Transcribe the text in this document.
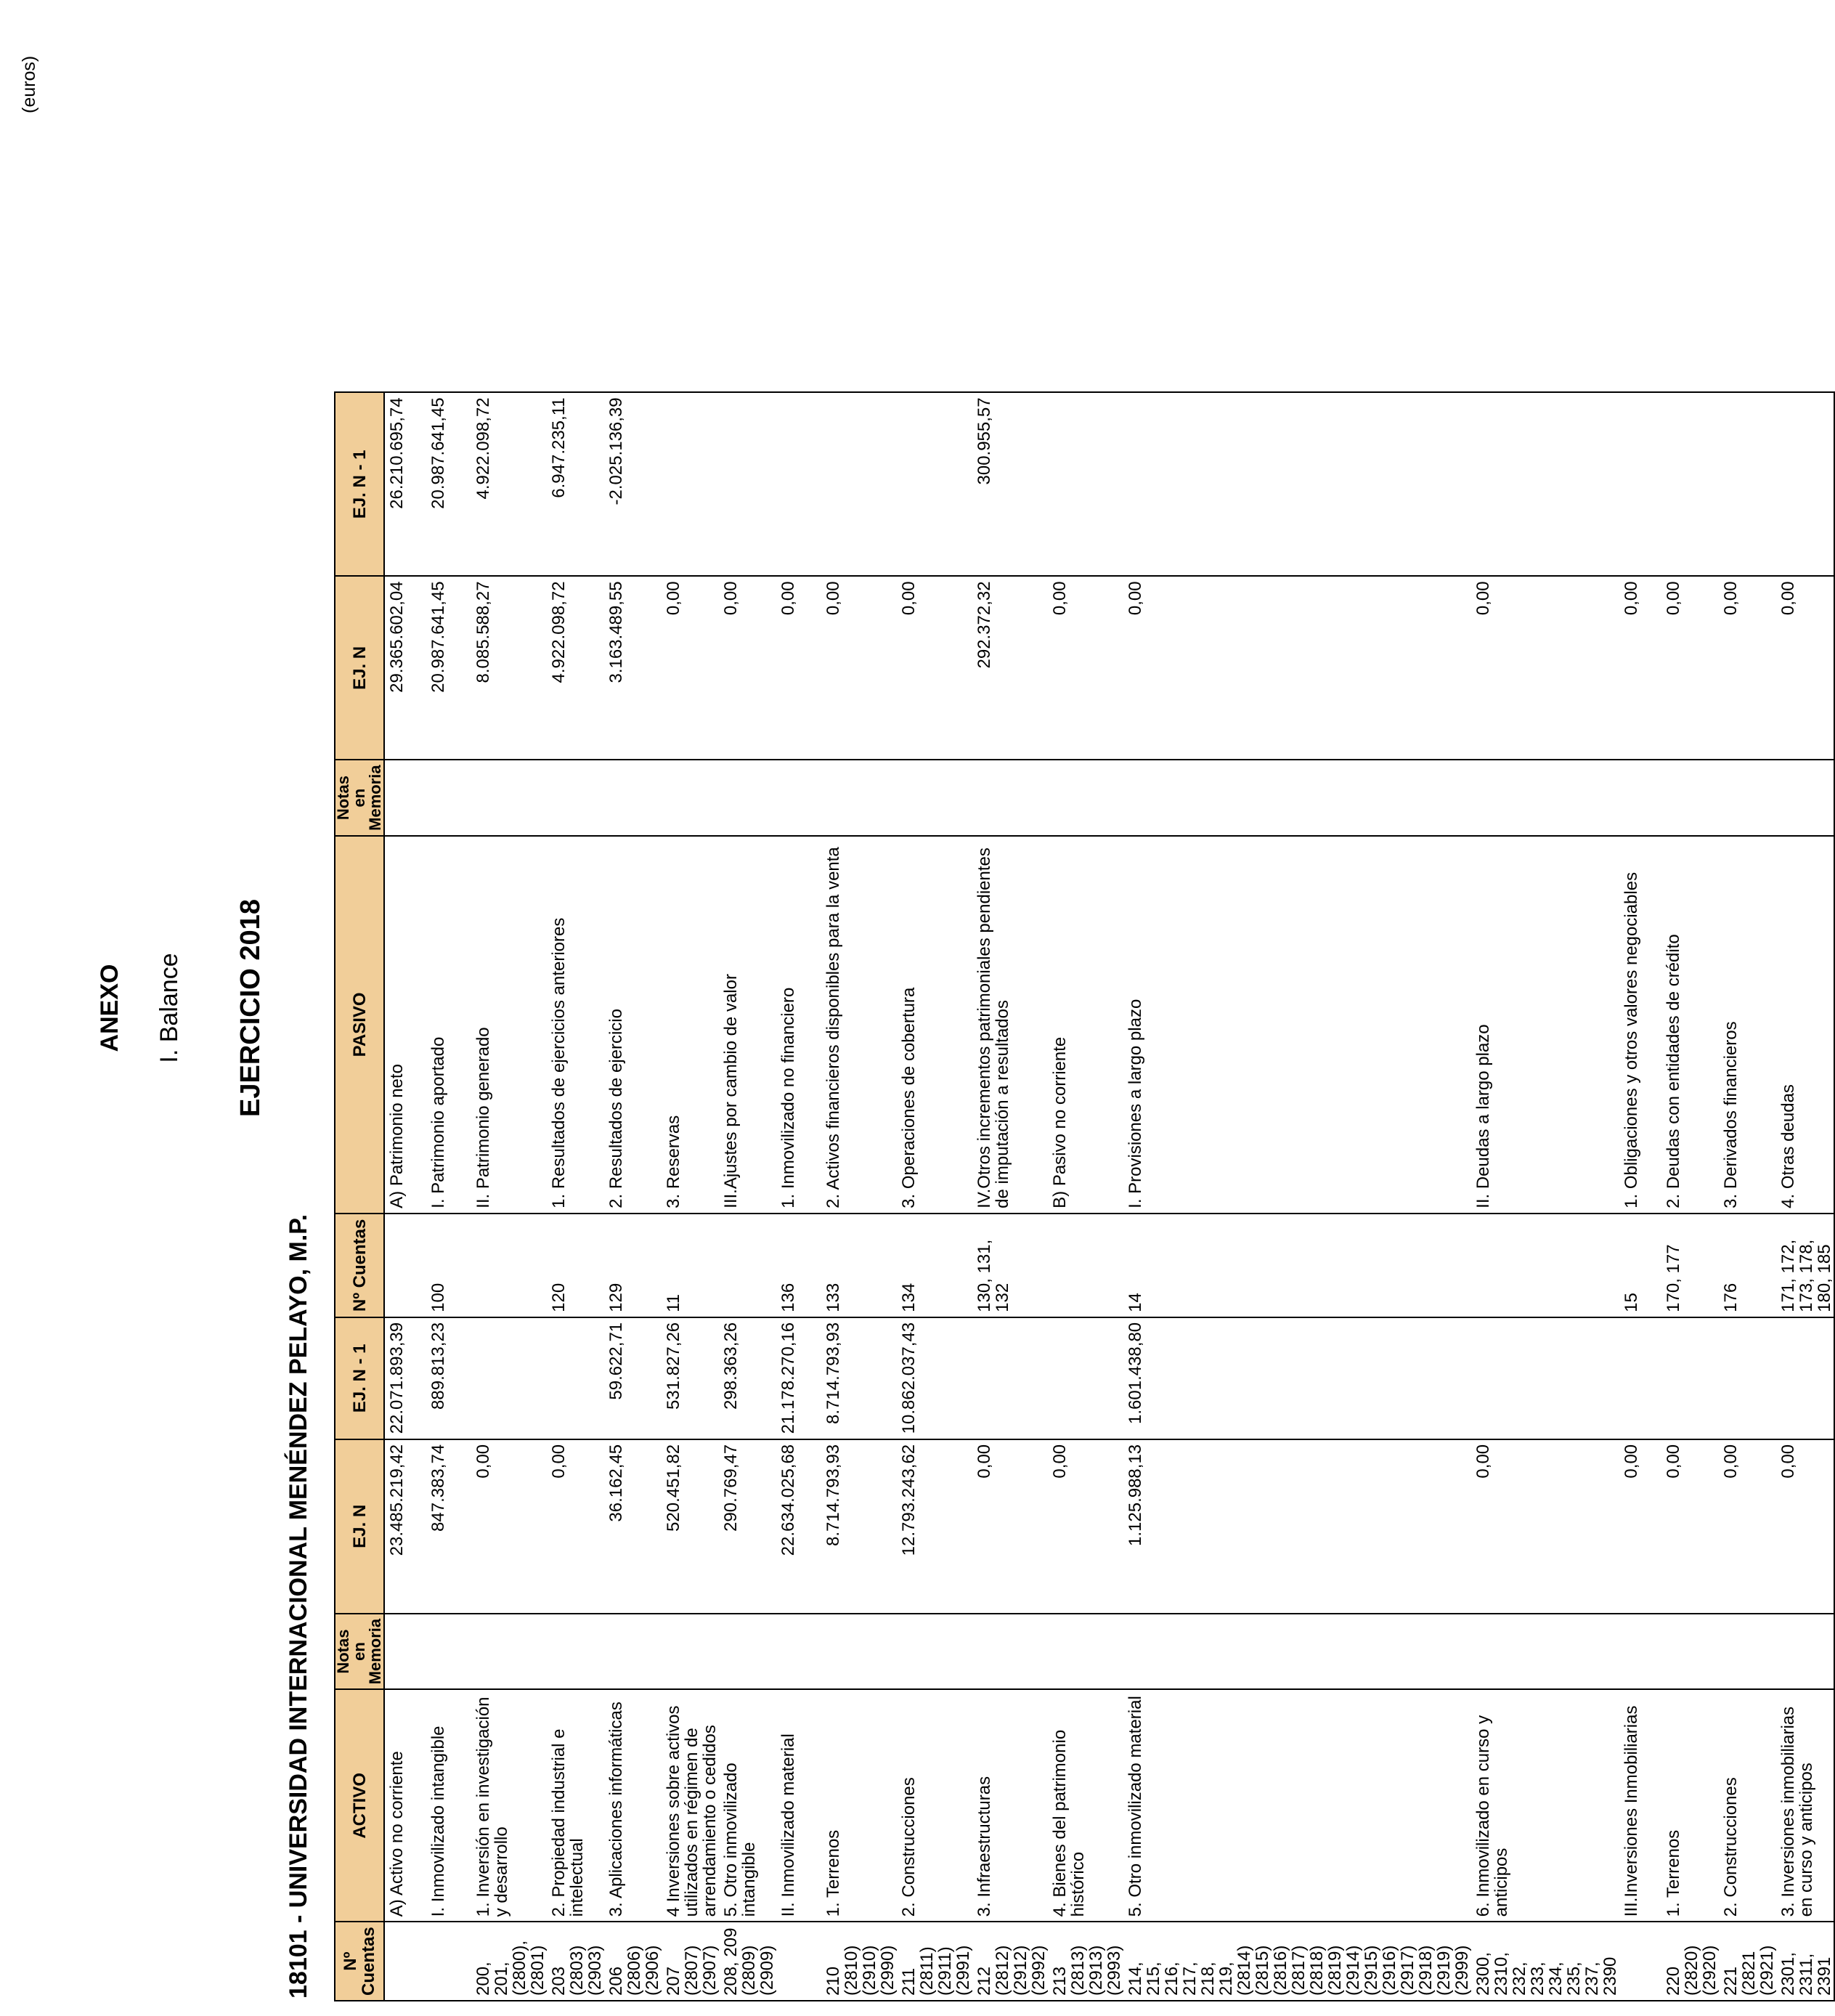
ANEXO I. Balance EJERCICIO 2018
18101 - UNIVERSIDAD INTERNACIONAL MENÉNDEZ PELAYO, M.P.
(euros)
Nº Cuentas	ACTIVO	Notas en Memoria	EJ. N	EJ. N - 1	Nº Cuentas	PASIVO	Notas en Memoria	EJ. N	EJ. N - 1
	A) Activo no corriente		23.485.219,42	22.071.893,39		A) Patrimonio neto		29.365.602,04	26.210.695,74
	I. Inmovilizado intangible		847.383,74	889.813,23	100	I. Patrimonio aportado		20.987.641,45	20.987.641,45
200, 201, (2800), (2801)	1. Inversión en investigación y desarrollo		0,00			II. Patrimonio generado		8.085.588,27	4.922.098,72
203 (2803) (2903)	2. Propiedad industrial e intelectual		0,00		120	1. Resultados de ejercicios anteriores		4.922.098,72	6.947.235,11
206 (2806) (2906)	3. Aplicaciones informáticas		36.162,45	59.622,71	129	2. Resultados de ejercicio		3.163.489,55	-2.025.136,39
207 (2807) (2907)	4 Inversiones sobre activos utilizados en régimen de arrendamiento o cedidos		520.451,82	531.827,26	11	3. Reservas		0,00	
208, 209 (2809) (2909)	5. Otro inmovilizado intangible		290.769,47	298.363,26		III.Ajustes por cambio de valor		0,00	
	II. Inmovilizado material		22.634.025,68	21.178.270,16	136	1. Inmovilizado no financiero		0,00	
210 (2810) (2910) (2990)	1. Terrenos		8.714.793,93	8.714.793,93	133	2. Activos financieros disponibles para la venta		0,00	
211 (2811) (2911) (2991)	2. Construcciones		12.793.243,62	10.862.037,43	134	3. Operaciones de cobertura		0,00	
212 (2812) (2912) (2992)	3. Infraestructuras		0,00		130, 131, 132	IV.Otros incrementos patrimoniales pendientes de imputación a resultados		292.372,32	300.955,57
213 (2813) (2913) (2993)	4. Bienes del patrimonio histórico		0,00			B) Pasivo no corriente		0,00	
214, 215, 216, 217, 218, 219, (2814) (2815) (2816) (2817) (2818) (2819) (2914) (2915) (2916) (2917) (2918) (2919) (2999)	5. Otro inmovilizado material		1.125.988,13	1.601.438,80	14	I. Provisiones a largo plazo		0,00	
2300, 2310, 232, 233, 234, 235, 237, 2390	6. Inmovilizado en curso y anticipos		0,00			II. Deudas a largo plazo		0,00	
	III.Inversiones Inmobiliarias		0,00		15	1. Obligaciones y otros valores negociables		0,00	
220 (2820) (2920)	1. Terrenos		0,00		170, 177	2. Deudas con entidades de crédito		0,00	
221 (2821 (2921)	2. Construcciones		0,00		176	3. Derivados financieros		0,00	
2301, 2311, 2391	3. Inversiones inmobiliarias en curso y anticipos		0,00		171, 172, 173, 178, 180, 185	4. Otras deudas		0,00	
